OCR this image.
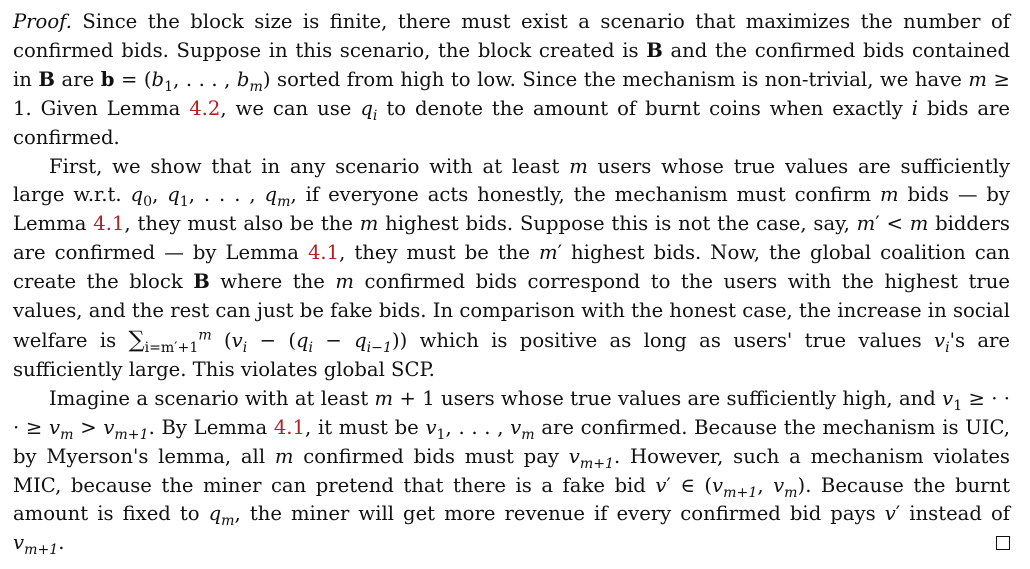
Proof. Since the block size is finite, there must exist a scenario that maximizes the number of confirmed bids. Suppose in this scenario, the block created is B and the confirmed bids contained in B are $b = (b_1$, . . . , $b_m$) sorted from high to low. Since the mechanism is non-trivial, we have m ≥ 1. Given Lemma 4.2, we can use $q_i$ to denote the amount of burnt coins when exactly i bids are confirmed.

First, we show that in any scenario with at least m users whose true values are sufficiently large w.r.t. $q_0$, $q_1$, . . . , $q_m$, if everyone acts honestly, the mechanism must confirm m bids — by Lemma 4.1, they must also be the m highest bids. Suppose this is not the case, say, m′ < m bidders are confirmed — by Lemma 4.1, they must be the m′ highest bids. Now, the global coalition can create the block B where the m confirmed bids correspond to the users with the highest true values, and the rest can just be fake bids. In comparison with the honest case, the increase in social welfare is $\sum_{i=m'+1}^m$ $(v_i - (q_i - q_{i-1}))$ which is positive as long as users' true values $v_i's$ are sufficiently large. This violates global SCP.

Imagine a scenario with at least m + 1 users whose true values are sufficiently high, and $v_1$ ≥ · · · ≥ $v_m > v_{m+1}$. By Lemma 4.1, it must be $v_1$, . . . , $v_m$ are confirmed. Because the mechanism is UIC, by Myerson's lemma, all m confirmed bids must pay $v_{m+1}$. However, such a mechanism violates MIC, because the miner can pretend that there is a fake bid v′ ∈ ($v_{m+1}$, $v_m$). Because the burnt amount is fixed to $q_m$, the miner will get more revenue if every confirmed bid pays v′ instead of $v_{m+1}$.
